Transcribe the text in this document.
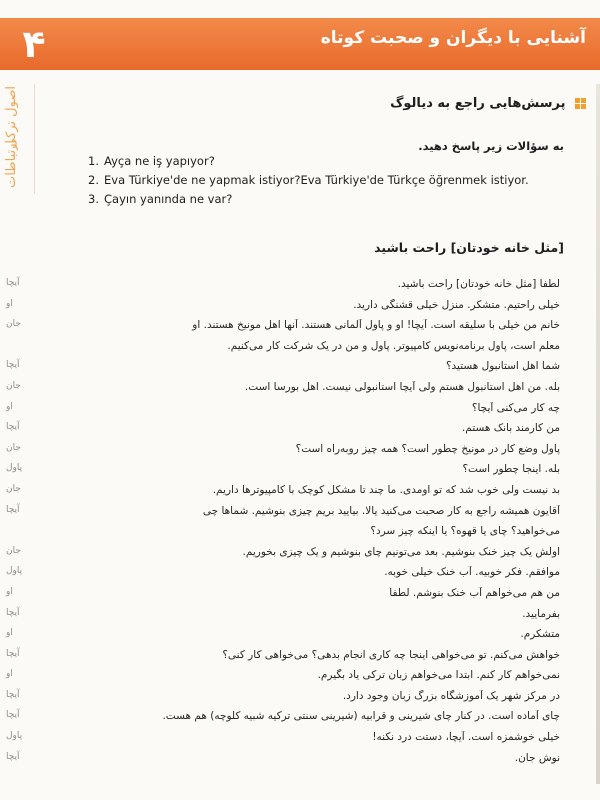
۴	آشنایی با دیگران و صحبت کوتاه
اصول ترکی
ارتباطات
پرسش‌هایی راجع به دیالوگ
به سؤالات زیر پاسخ دهید.
1. Ayça ne iş yapıyor?
2. Eva Türkiye'de ne yapmak istiyor?Eva Türkiye'de Türkçe öğrenmek istiyor.
3. Çayın yanında ne var?
[مثل خانه خودتان] راحت باشید
آیچا	لطفاً [مثل خانه خودتان] راحت باشید.
او	خیلی راحتیم. متشکر. منزل خیلی قشنگی دارید.
جان	خانم من خیلی با سلیقه است. آیچا! او و پاول آلمانی هستند. آنها اهل مونیخ هستند. او
معلم است، پاول برنامه‌نویس کامپیوتر. پاول و من در یک شرکت کار می‌کنیم.
آیچا	شما اهل استانبول هستید؟
جان	بله. من اهل استانبول هستم ولی آیچا استانبولی نیست. اهل بورسا است.
او	چه کار می‌کنی آیچا؟
آیچا	من کارمند بانک هستم.
جان	پاول وضع کار در مونیخ چطور است؟ همه چیز روبه‌راه است؟
پاول	بله. اینجا چطور است؟
جان	بد نیست ولی خوب شد که تو اومدی. ما چند تا مشکل کوچک با کامپیوترها داریم.
آیچا	آقایون همیشه راجع به کار صحبت می‌کنید یالا. بیایید بریم چیزی بنوشیم. شماها چی
می‌خواهید؟ چای یا قهوه؟ یا اینکه چیز سرد؟
جان	اولش یک چیز خنک بنوشیم. بعد می‌تونیم چای بنوشیم و یک چیزی بخوریم.
پاول	موافقم. فکر خوبیه. آب خنک خیلی خوبه.
او	من هم می‌خواهم آب خنک بنوشم. لطفاً
آیچا	بفرمایید.
او	متشکرم.
آیچا	خواهش می‌کنم. تو می‌خواهی اینجا چه کاری انجام بدهی؟ می‌خواهی کار کنی؟
او	نمی‌خواهم کار کنم. ابتدا می‌خواهم زبان ترکی یاد بگیرم.
آیچا	در مرکز شهر یک آموزشگاه بزرگ زبان وجود دارد.
آیچا	چای آماده است. در کنار چای شیرینی و قرابیه (شیرینی سنتی ترکیه شبیه کلوچه) هم هست.
پاول	خیلی خوشمزه است. آیچا، دستت درد نکنه!
آیچا	نوش جان.
